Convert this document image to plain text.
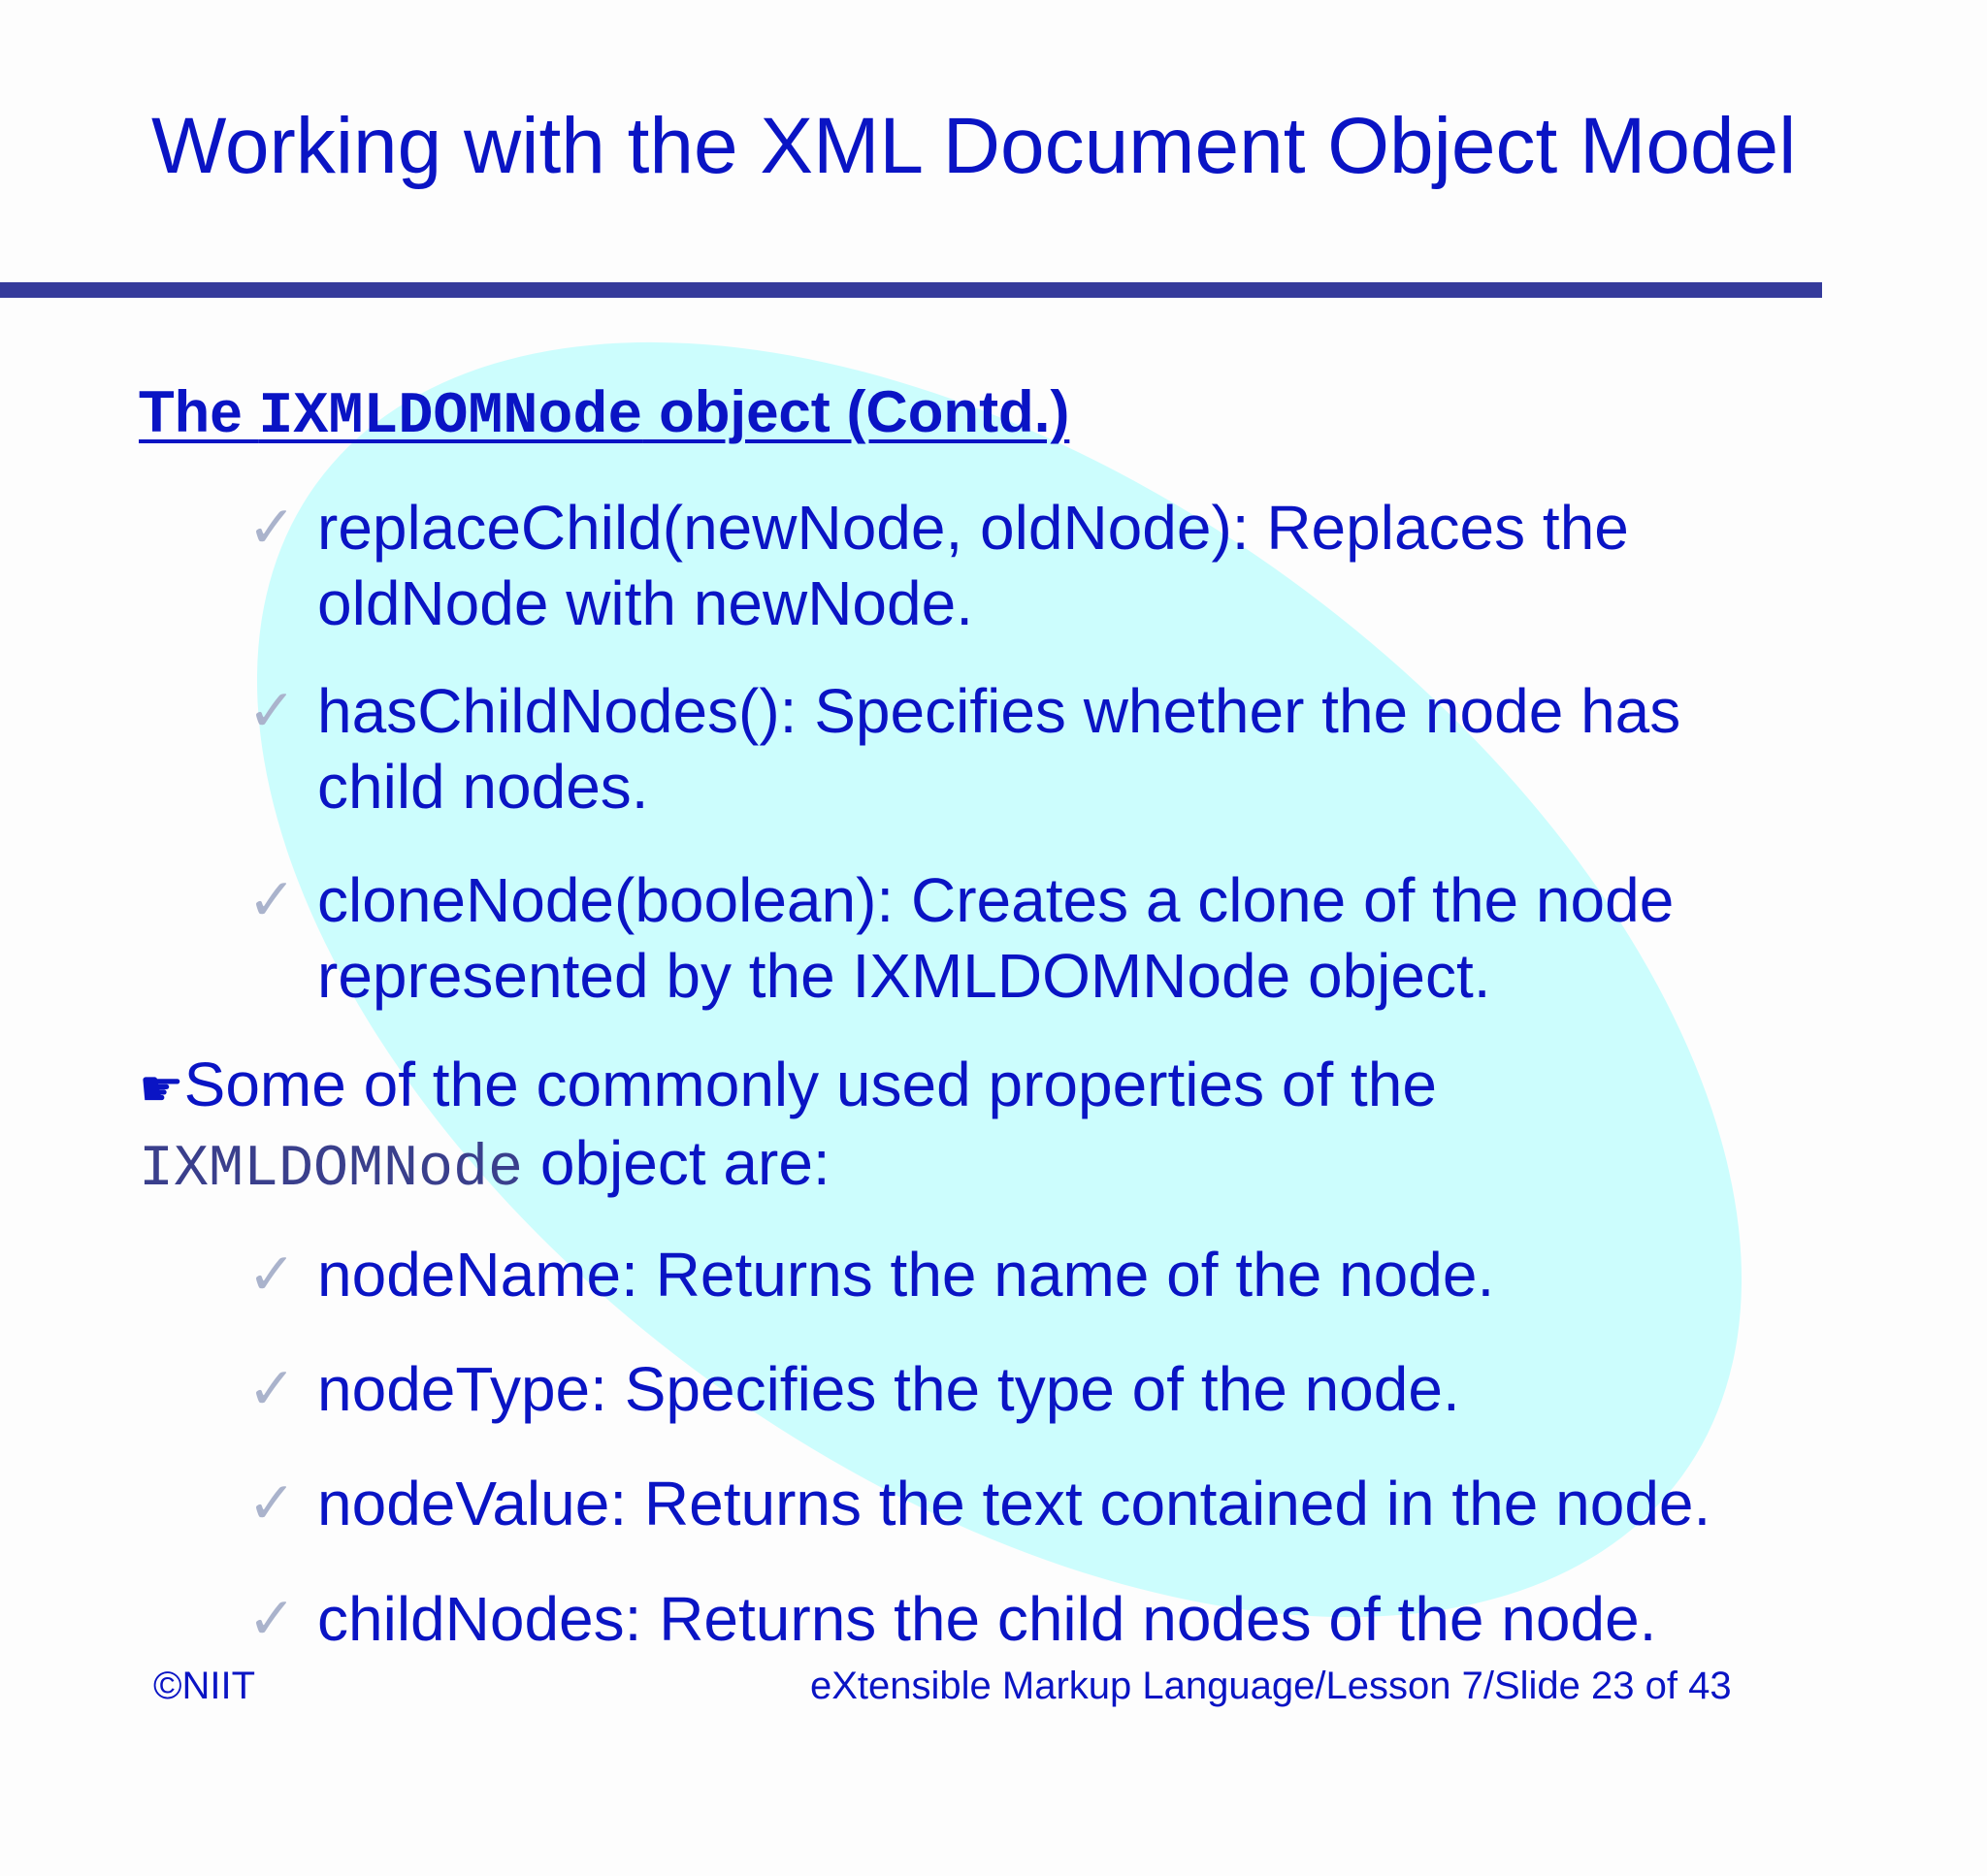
Working with the XML Document Object Model
The IXMLDOMNode object (Contd.)
✓ replaceChild(newNode, oldNode): Replaces the
oldNode with newNode.
✓ hasChildNodes(): Specifies whether the node has
child nodes.
✓ cloneNode(boolean): Creates a clone of the node
represented by the IXMLDOMNode object.
☛Some of the commonly used properties of the
IXMLDOMNode object are:
✓ nodeName: Returns the name of the node.
✓ nodeType: Specifies the type of the node.
✓ nodeValue: Returns the text contained in the node.
✓ childNodes: Returns the child nodes of the node.
©NIIT	eXtensible Markup Language/Lesson 7/Slide 23 of 43
